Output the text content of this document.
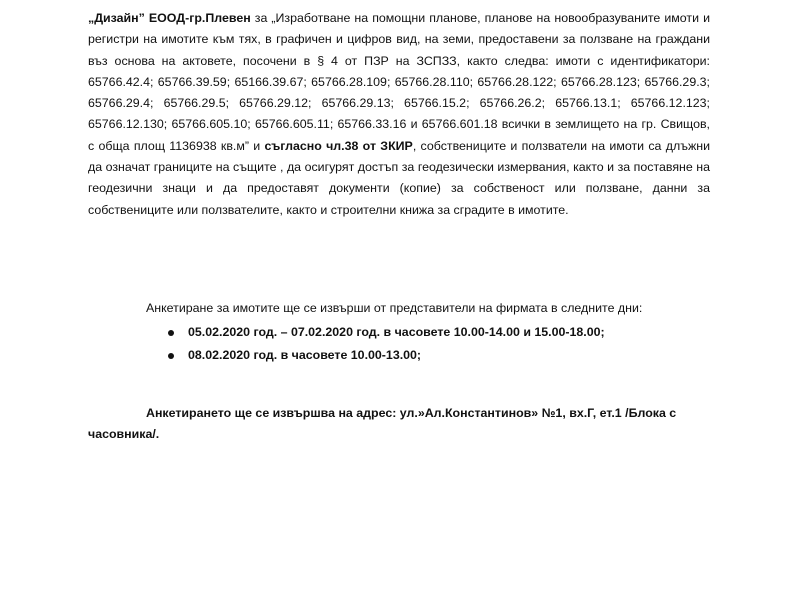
„Дизайн” ЕООД-гр.Плевен за „Изработване на помощни планове, планове на новообразуваните имоти и регистри на имотите към тях, в графичен и цифров вид, на земи, предоставени за ползване на граждани въз основа на актовете, посочени в § 4 от ПЗР на ЗСПЗЗ, както следва: имоти с идентификатори: 65766.42.4; 65766.39.59; 65166.39.67; 65766.28.109; 65766.28.110; 65766.28.122; 65766.28.123; 65766.29.3; 65766.29.4; 65766.29.5; 65766.29.12; 65766.29.13; 65766.15.2; 65766.26.2; 65766.13.1; 65766.12.123; 65766.12.130; 65766.605.10; 65766.605.11; 65766.33.16 и 65766.601.18 всички в землището на гр. Свищов, с обща площ 1136938 кв.м” и съгласно чл.38 от ЗКИР, собствениците и ползватели на имоти са длъжни да означат границите на същите , да осигурят достъп за геодезически измервания, както и за поставяне на геодезични знаци и да предоставят документи (копие) за собственост или ползване, данни за собствениците или ползвателите, както и строителни книжа за сградите в имотите.

Анкетиране за имотите ще се извърши от представители на фирмата в следните дни:

05.02.2020 год. – 07.02.2020 год. в часовете 10.00-14.00 и 15.00-18.00;
08.02.2020 год. в часовете 10.00-13.00;

Анкетирането ще се извършва на адрес: ул.»Ал.Константинов» №1, вх.Г, ет.1 /Блока с
часовника/.
